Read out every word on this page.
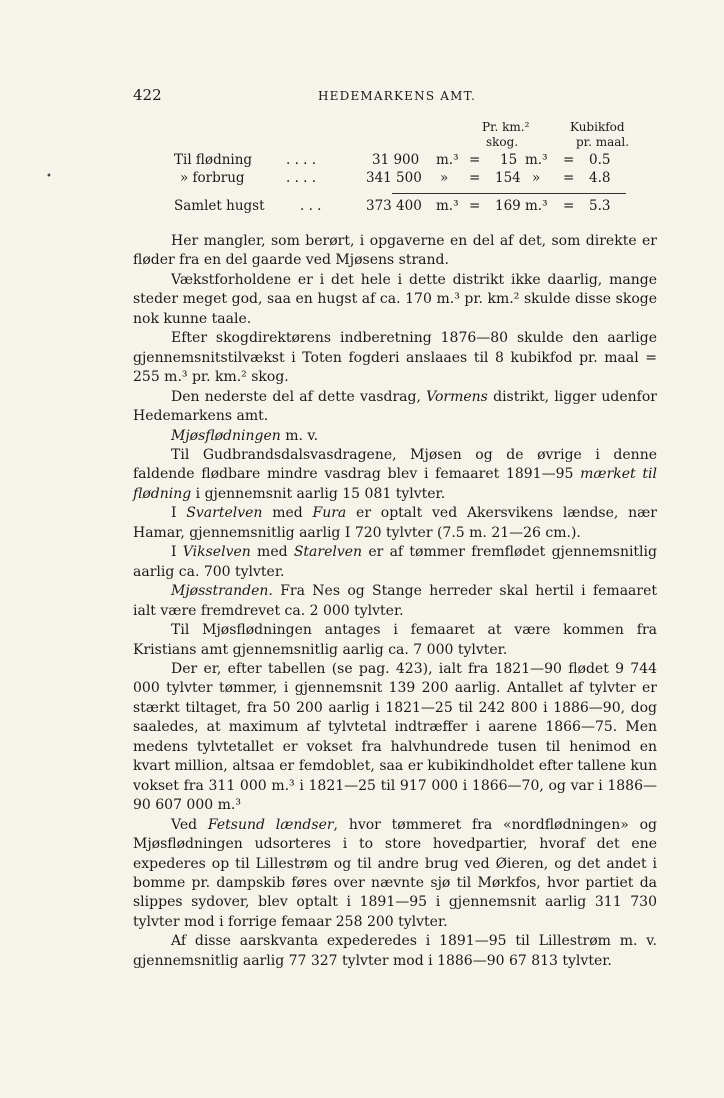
422	HEDEMARKENS AMT.
•
Pr. km.²
skog.
Kubikfod
pr. maal.
Til flødning	. . . .	31 900 m.³ = 15 m.³ = 0.5
» forbrug	. . . .	341 500 » = 154 » = 4.8
Samlet hugst	. . .	373 400 m.³ = 169 m.³ = 5.3

Her mangler, som berørt, i opgaverne en del af det, som direkte er fløder fra en del gaarde ved Mjøsens strand.

Vækstforholdene er i det hele i dette distrikt ikke daarlig, mange steder meget god, saa en hugst af ca. 170 m.³ pr. km.² skulde disse skoge nok kunne taale.

Efter skogdirektørens indberetning 1876—80 skulde den aarlige gjennemsnitstilvækst i Toten fogderi anslaaes til 8 kubikfod pr. maal = 255 m.³ pr. km.² skog.

Den nederste del af dette vasdrag, Vormens distrikt, ligger udenfor Hedemarkens amt.

Mjøsflødningen m. v.

Til Gudbrandsdalsvasdragene, Mjøsen og de øvrige i denne faldende flødbare mindre vasdrag blev i femaaret 1891—95 mærket til flødning i gjennemsnit aarlig 15 081 tylvter.

I Svartelven med Fura er optalt ved Akersvikens lændse, nær Hamar, gjennemsnitlig aarlig I 720 tylvter (7.5 m. 21—26 cm.).

I Vikselven med Starelven er af tømmer fremflødet gjennemsnitlig aarlig ca. 700 tylvter.

Mjøsstranden. Fra Nes og Stange herreder skal hertil i femaaret ialt være fremdrevet ca. 2 000 tylvter.

Til Mjøsflødningen antages i femaaret at være kommen fra Kristians amt gjennemsnitlig aarlig ca. 7 000 tylvter.

Der er, efter tabellen (se pag. 423), ialt fra 1821—90 flødet 9 744 000 tylvter tømmer, i gjennemsnit 139 200 aarlig. Antallet af tylvter er stærkt tiltaget, fra 50 200 aarlig i 1821—25 til 242 800 i 1886—90, dog saaledes, at maximum af tylvtetal indtræffer i aarene 1866—75. Men medens tylvtetallet er vokset fra halvhundrede tusen til henimod en kvart million, altsaa er femdoblet, saa er kubikindholdet efter tallene kun vokset fra 311 000 m.³ i 1821—25 til 917 000 i 1866—70, og var i 1886—90 607 000 m.³

Ved Fetsund lændser, hvor tømmeret fra «nordflødningen» og Mjøsflødningen udsorteres i to store hovedpartier, hvoraf det ene expederes op til Lillestrøm og til andre brug ved Øieren, og det andet i bomme pr. dampskib føres over nævnte sjø til Mørkfos, hvor partiet da slippes sydover, blev optalt i 1891—95 i gjennemsnit aarlig 311 730 tylvter mod i forrige femaar 258 200 tylvter.

Af disse aarskvanta expederedes i 1891—95 til Lillestrøm m. v. gjennemsnitlig aarlig 77 327 tylvter mod i 1886—90 67 813 tylvter.
